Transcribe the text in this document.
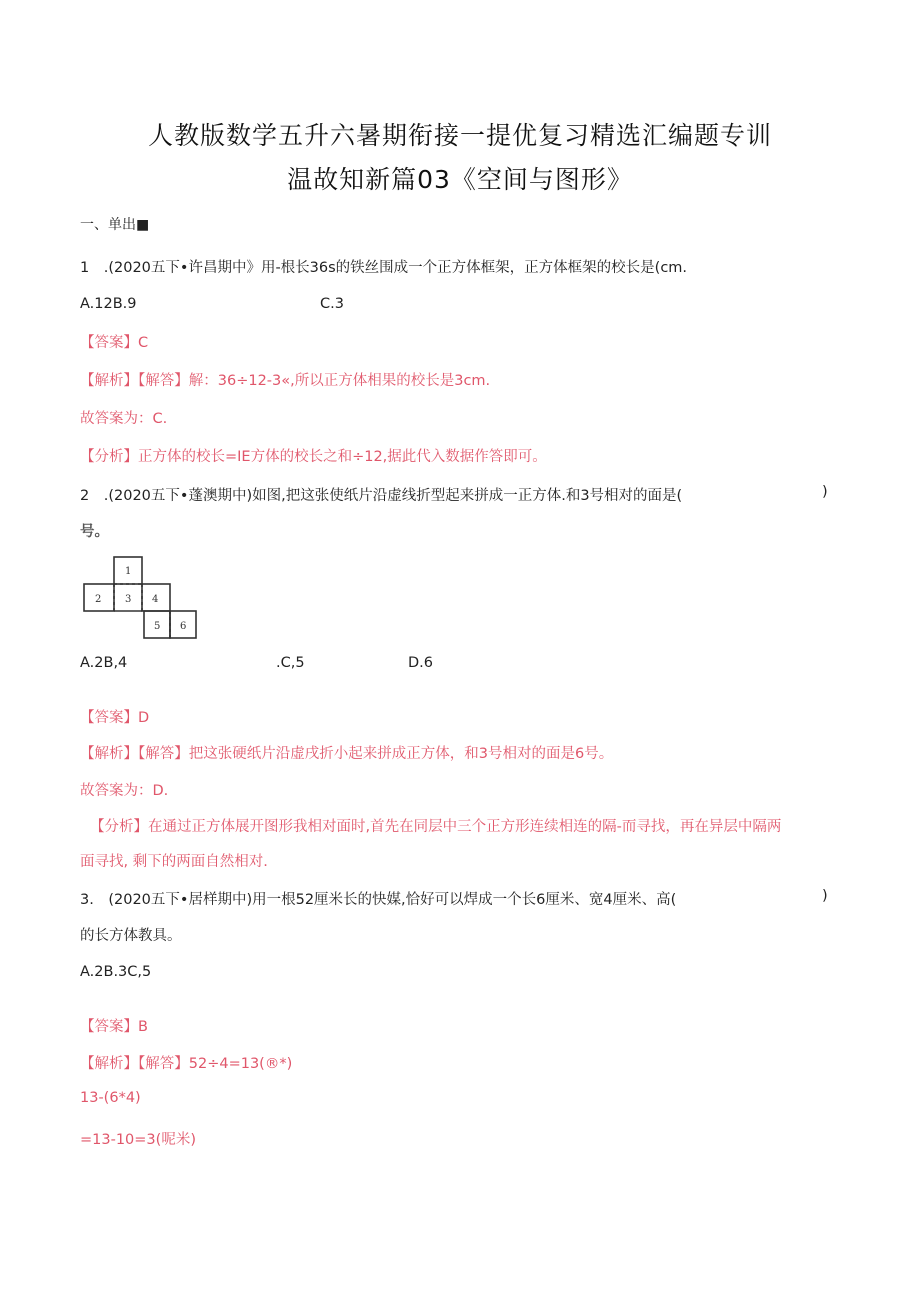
人教版数学五升六暑期衔接一提优复习精选汇编题专训
温故知新篇03《空间与图形》
一、单出■
1　.(2020五下•许昌期中》用-根长36s的铁丝围成一个正方体框架，正方体框架的校长是(cm.
A.12B.9	C.3
【答案】C
【解析】【解答】解：36÷12-3«,所以正方体相果的校长是3cm.
故答案为：C.
【分析】正方体的校长=IE方体的校长之和÷12,据此代入数据作答即可。
2　.(2020五下•蓬澳期中)如图,把这张使纸片沿虚线折型起来拼成一正方体.和3号相对的面是(	)
号。
1
2 3 4
5 6
A.2B,4	.C,5	D.6
【答案】D
【解析】【解答】把这张硬纸片沿虚戌折小起来拼成正方体，和3号相对的面是6号。
故答案为：D.
【分析】在通过正方体展开图形我相对面时,首先在同层中三个正方形连续相连的隔-而寻找，再在异层中隔两
面寻找, 剩下的两面自然相对.
3.　(2020五下•居样期中)用一根52厘米长的快媒,恰好可以焊成一个长6厘米、宽4厘米、高(	)
的长方体教具。
A.2B.3C,5
【答案】B
【解析】【解答】52÷4=13(®*)
13-(6*4)
=13-10=3(呢米)
